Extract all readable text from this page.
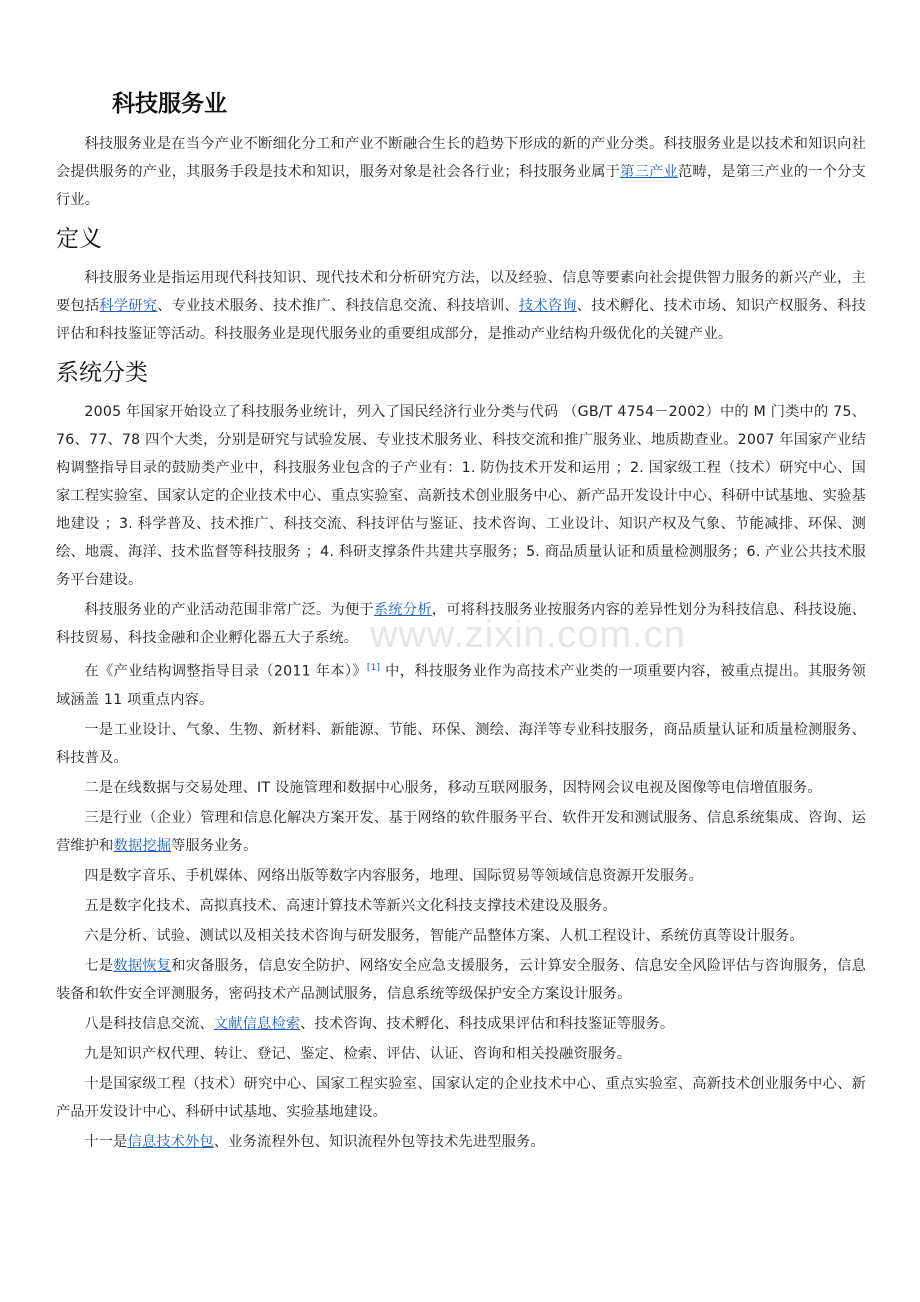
科技服务业

科技服务业是在当今产业不断细化分工和产业不断融合生长的趋势下形成的新的产业分类。科技服务业是以技术和知识向社会提供服务的产业，其服务手段是技术和知识，服务对象是社会各行业；科技服务业属于第三产业范畴，是第三产业的一个分支行业。

定义

科技服务业是指运用现代科技知识、现代技术和分析研究方法，以及经验、信息等要素向社会提供智力服务的新兴产业，主要包括科学研究、专业技术服务、技术推广、科技信息交流、科技培训、技术咨询、技术孵化、技术市场、知识产权服务、科技评估和科技鉴证等活动。科技服务业是现代服务业的重要组成部分，是推动产业结构升级优化的关键产业。

系统分类

2005 年国家开始设立了科技服务业统计，列入了国民经济行业分类与代码 （GB/T 4754－2002）中的 M 门类中的 75、76、77、78 四个大类，分别是研究与试验发展、专业技术服务业、科技交流和推广服务业、地质勘查业。2007 年国家产业结构调整指导目录的鼓励类产业中，科技服务业包含的子产业有：1. 防伪技术开发和运用 ；2. 国家级工程（技术）研究中心、国家工程实验室、国家认定的企业技术中心、重点实验室、高新技术创业服务中心、新产品开发设计中心、科研中试基地、实验基地建设 ；3. 科学普及、技术推广、科技交流、科技评估与鉴证、技术咨询、工业设计、知识产权及气象、节能减排、环保、测绘、地震、海洋、技术监督等科技服务 ；4. 科研支撑条件共建共享服务；5. 商品质量认证和质量检测服务；6. 产业公共技术服务平台建设。

科技服务业的产业活动范围非常广泛。为便于系统分析，可将科技服务业按服务内容的差异性划分为科技信息、科技设施、科技贸易、科技金融和企业孵化器五大子系统。

在《产业结构调整指导目录（2011 年本）》[1] 中，科技服务业作为高技术产业类的一项重要内容，被重点提出。其服务领域涵盖 11 项重点内容。

一是工业设计、气象、生物、新材料、新能源、节能、环保、测绘、海洋等专业科技服务，商品质量认证和质量检测服务、科技普及。

二是在线数据与交易处理、IT 设施管理和数据中心服务，移动互联网服务，因特网会议电视及图像等电信增值服务。

三是行业（企业）管理和信息化解决方案开发、基于网络的软件服务平台、软件开发和测试服务、信息系统集成、咨询、运营维护和数据挖掘等服务业务。

四是数字音乐、手机媒体、网络出版等数字内容服务，地理、国际贸易等领域信息资源开发服务。

五是数字化技术、高拟真技术、高速计算技术等新兴文化科技支撑技术建设及服务。

六是分析、试验、测试以及相关技术咨询与研发服务，智能产品整体方案、人机工程设计、系统仿真等设计服务。

七是数据恢复和灾备服务，信息安全防护、网络安全应急支援服务，云计算安全服务、信息安全风险评估与咨询服务，信息装备和软件安全评测服务，密码技术产品测试服务，信息系统等级保护安全方案设计服务。

八是科技信息交流、文献信息检索、技术咨询、技术孵化、科技成果评估和科技鉴证等服务。

九是知识产权代理、转让、登记、鉴定、检索、评估、认证、咨询和相关投融资服务。

十是国家级工程（技术）研究中心、国家工程实验室、国家认定的企业技术中心、重点实验室、高新技术创业服务中心、新产品开发设计中心、科研中试基地、实验基地建设。

十一是信息技术外包、业务流程外包、知识流程外包等技术先进型服务。

www.zixin.com.cn
